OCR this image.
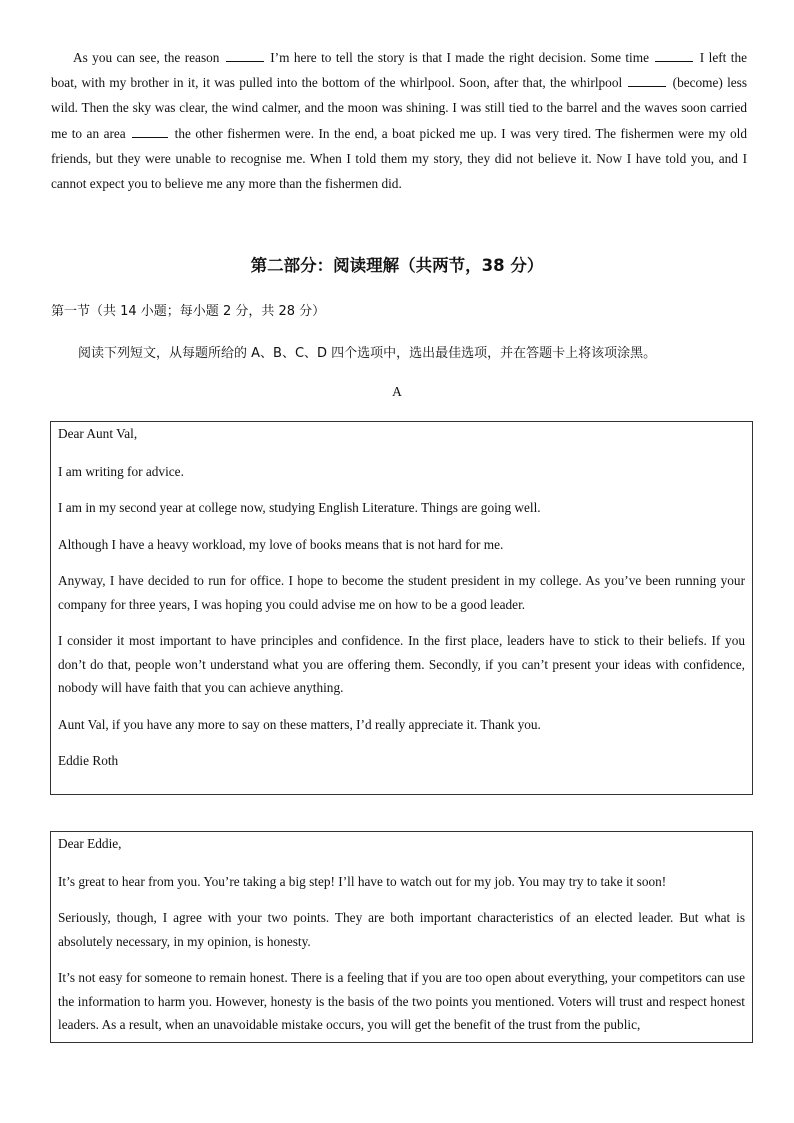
As you can see, the reason	I’m here to tell the story is that I made the right decision. Some time	I left the boat, with my brother in it, it was pulled into the bottom of the whirlpool. Soon, after that, the whirlpool	(become) less wild. Then the sky was clear, the wind calmer, and the moon was shining. I was still tied to the barrel and the waves soon carried me to an area	the other fishermen were. In the end, a boat picked me up. I was very tired. The fishermen were my old friends, but they were unable to recognise me. When I told them my story, they did not believe it. Now I have told you, and I cannot expect you to believe me any more than the fishermen did.

第二部分：阅读理解（共两节，38 分）

第一节（共 14 小题；每小题 2 分，共 28 分）

阅读下列短文，从每题所给的 A、B、C、D 四个选项中，选出最佳选项，并在答题卡上将该项涂黑。

A

Dear Aunt Val,

I am writing for advice.

I am in my second year at college now, studying English Literature. Things are going well.

Although I have a heavy workload, my love of books means that is not hard for me.

Anyway, I have decided to run for office. I hope to become the student president in my college. As you’ve been running your company for three years, I was hoping you could advise me on how to be a good leader.

I consider it most important to have principles and confidence. In the first place, leaders have to stick to their beliefs. If you don’t do that, people won’t understand what you are offering them. Secondly, if you can’t present your ideas with confidence, nobody will have faith that you can achieve anything.

Aunt Val, if you have any more to say on these matters, I’d really appreciate it. Thank you.

Eddie Roth

Dear Eddie,

It’s great to hear from you. You’re taking a big step! I’ll have to watch out for my job. You may try to take it soon!

Seriously, though, I agree with your two points. They are both important characteristics of an elected leader. But what is absolutely necessary, in my opinion, is honesty.

It’s not easy for someone to remain honest. There is a feeling that if you are too open about everything, your competitors can use the information to harm you. However, honesty is the basis of the two points you mentioned. Voters will trust and respect honest leaders. As a result, when an unavoidable mistake occurs, you will get the benefit of the trust from the public,
